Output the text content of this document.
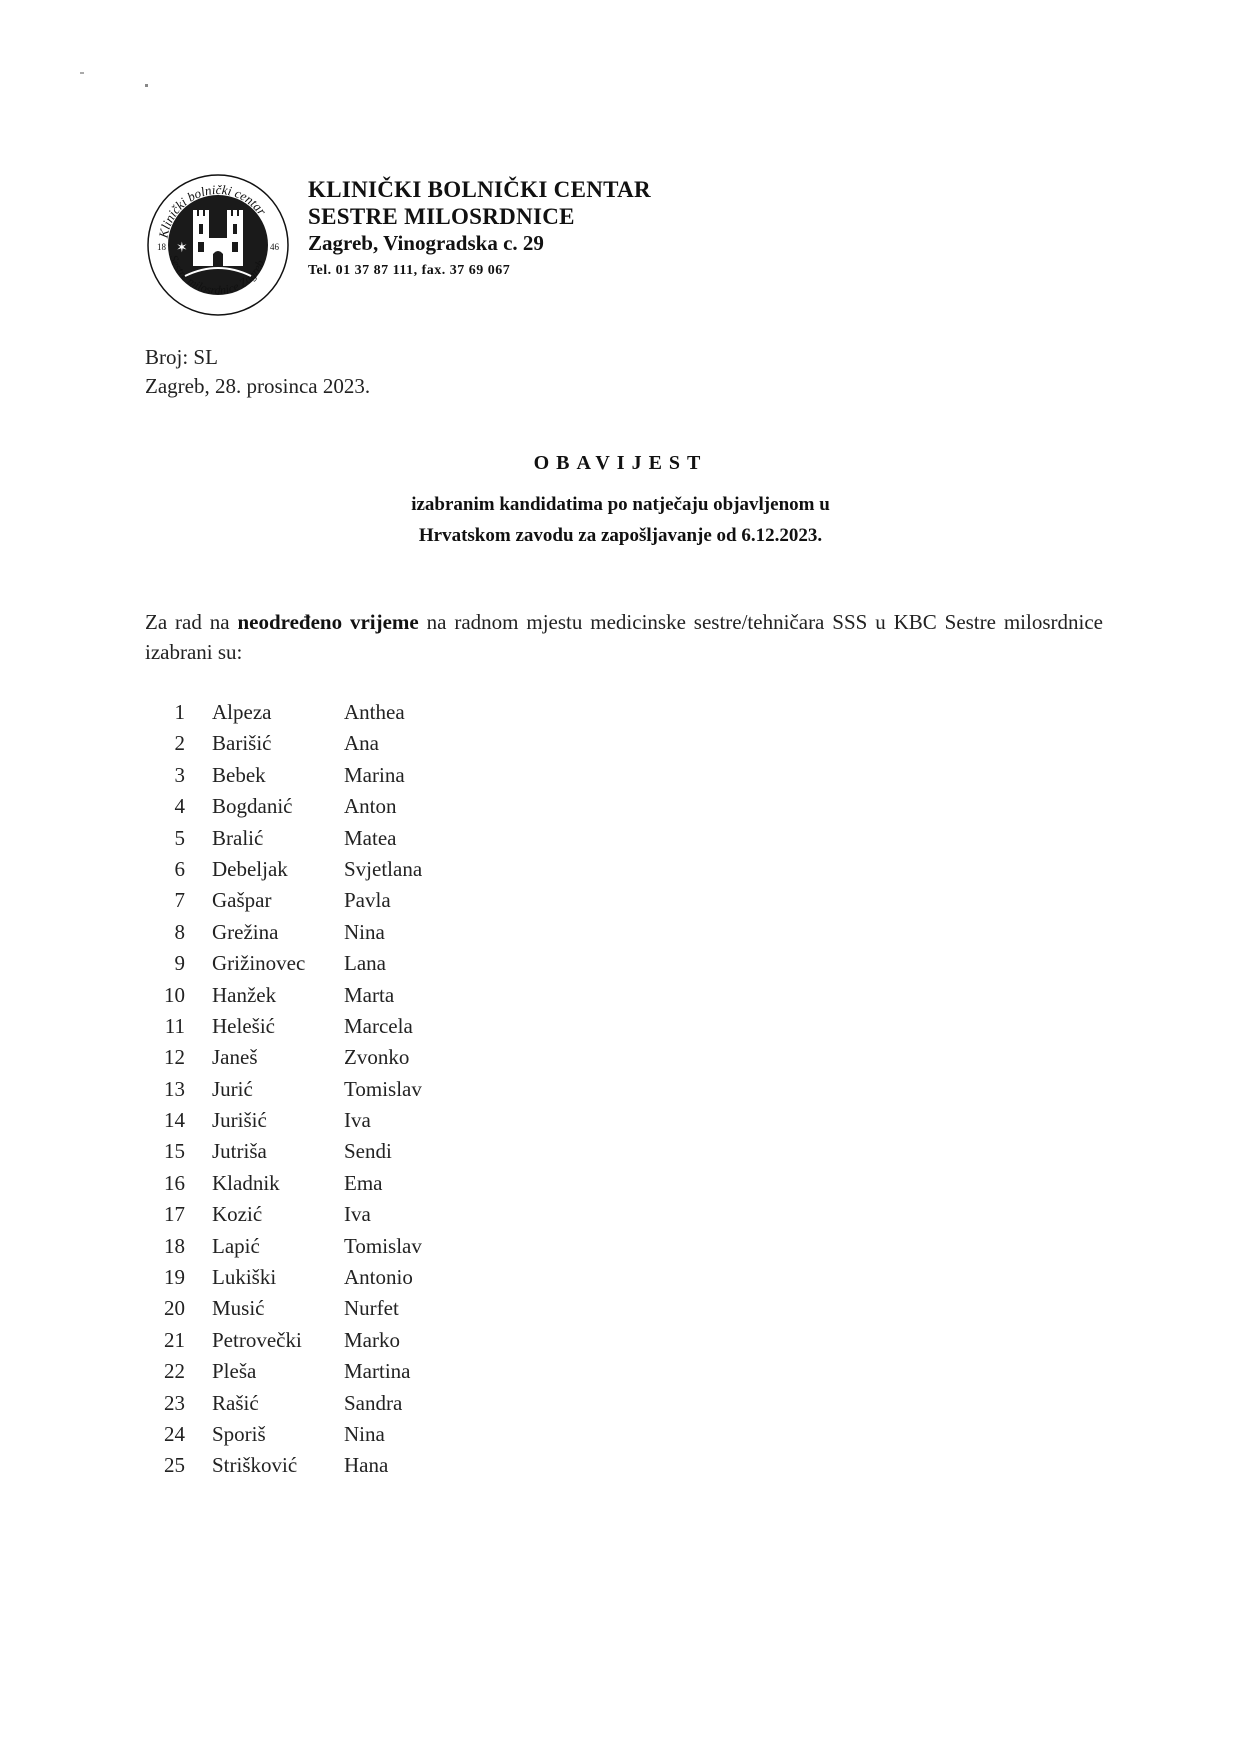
Klinički bolnički centar
Sestre milosrdnice Zagreb
✶
18	46
KLINIČKI BOLNIČKI CENTAR
SESTRE MILOSRDNICE
Zagreb, Vinogradska c. 29
Tel. 01 37 87 111, fax. 37 69 067
Broj: SL
Zagreb, 28. prosinca 2023.
OBAVIJEST
izabranim kandidatima po natječaju objavljenom u
Hrvatskom zavodu za zapošljavanje od 6.12.2023.
Za rad na neodređeno vrijeme na radnom mjestu medicinske sestre/tehničara SSS u KBC Sestre milosrdnice izabrani su:
1	Alpeza	Anthea
2	Barišić	Ana
3	Bebek	Marina
4	Bogdanić	Anton
5	Bralić	Matea
6	Debeljak	Svjetlana
7	Gašpar	Pavla
8	Grežina	Nina
9	Grižinovec	Lana
10	Hanžek	Marta
11	Helešić	Marcela
12	Janeš	Zvonko
13	Jurić	Tomislav
14	Jurišić	Iva
15	Jutriša	Sendi
16	Kladnik	Ema
17	Kozić	Iva
18	Lapić	Tomislav
19	Lukiški	Antonio
20	Musić	Nurfet
21	Petrovečki	Marko
22	Pleša	Martina
23	Rašić	Sandra
24	Sporiš	Nina
25	Strišković	Hana
